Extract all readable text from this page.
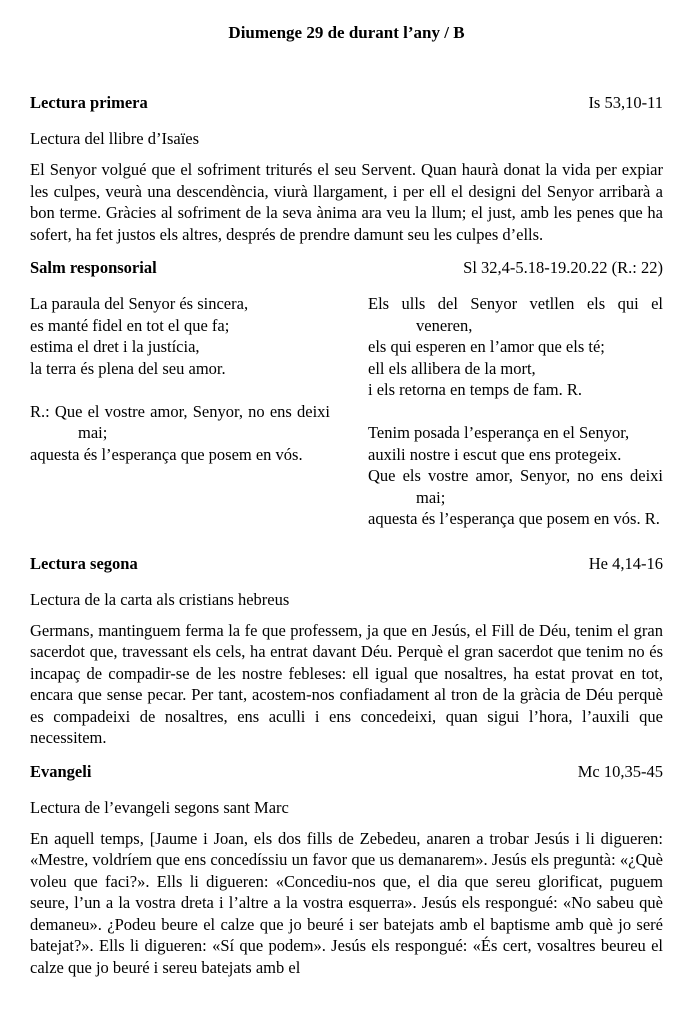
Diumenge 29 de durant l’any / B
Lectura primera	Is 53,10-11

Lectura del llibre d’Isaïes

El Senyor volgué que el sofriment triturés el seu Servent. Quan haurà donat la vida per expiar les culpes, veurà una descendència, viurà llargament, i per ell el designi del Senyor arribarà a bon terme. Gràcies al sofriment de la seva ànima ara veu la llum; el just, amb les penes que ha sofert, ha fet justos els altres, després de prendre damunt seu les culpes d’ells.

Salm responsorial	Sl 32,4-5.18-19.20.22 (R.: 22)

La paraula del Senyor és sincera,

es manté fidel en tot el que fa;

estima el dret i la justícia,

la terra és plena del seu amor.

R.: Que el vostre amor, Senyor, no ens deixi mai;

aquesta és l’esperança que posem en vós.

Els ulls del Senyor vetllen els qui el veneren,

els qui esperen en l’amor que els té;

ell els allibera de la mort,

i els retorna en temps de fam. R.

Tenim posada l’esperança en el Senyor,

auxili nostre i escut que ens protegeix.

Que els vostre amor, Senyor, no ens deixi mai;

aquesta és l’esperança que posem en vós. R.

Lectura segona	He 4,14-16

Lectura de la carta als cristians hebreus

Germans, mantinguem ferma la fe que professem, ja que en Jesús, el Fill de Déu, tenim el gran sacerdot que, travessant els cels, ha entrat davant Déu. Perquè el gran sacerdot que tenim no és incapaç de compadir-se de les nostre febleses: ell igual que nosaltres, ha estat provat en tot, encara que sense pecar. Per tant, acostem-nos confiadament al tron de la gràcia de Déu perquè es compadeixi de nosaltres, ens aculli i ens concedeixi, quan sigui l’hora, l’auxili que necessitem.

Evangeli	Mc 10,35-45

Lectura de l’evangeli segons sant Marc

En aquell temps, [Jaume i Joan, els dos fills de Zebedeu, anaren a trobar Jesús i li digueren: «Mestre, voldríem que ens concedíssiu un favor que us demanarem». Jesús els preguntà: «¿Què voleu que faci?». Ells li digueren: «Concediu-nos que, el dia que sereu glorificat, puguem seure, l’un a la vostra dreta i l’altre a la vostra esquerra». Jesús els respongué: «No sabeu què demaneu». ¿Podeu beure el calze que jo beuré i ser batejats amb el baptisme amb què jo seré batejat?». Ells li digueren: «Sí que podem». Jesús els respongué: «És cert, vosaltres beureu el calze que jo beuré i sereu batejats amb el
